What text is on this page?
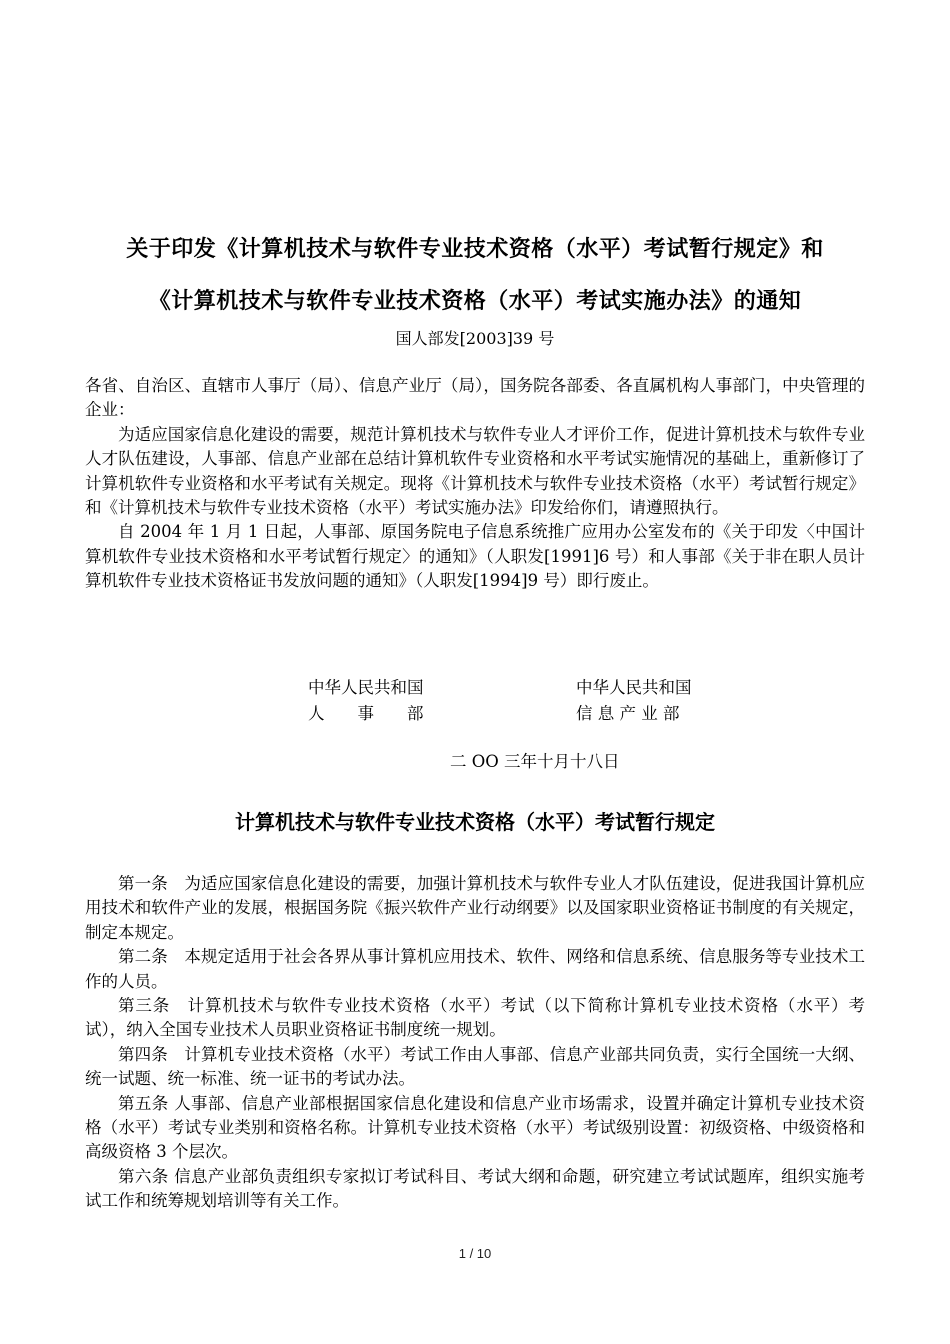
关于印发《计算机技术与软件专业技术资格（水平）考试暂行规定》和
《计算机技术与软件专业技术资格（水平）考试实施办法》的通知
国人部发[2003]39 号

各省、自治区、直辖市人事厅（局）、信息产业厅（局），国务院各部委、各直属机构人事部门，中央管理的企业：

为适应国家信息化建设的需要，规范计算机技术与软件专业人才评价工作，促进计算机技术与软件专业人才队伍建设，人事部、信息产业部在总结计算机软件专业资格和水平考试实施情况的基础上，重新修订了计算机软件专业资格和水平考试有关规定。现将《计算机技术与软件专业技术资格（水平）考试暂行规定》和《计算机技术与软件专业技术资格（水平）考试实施办法》印发给你们，请遵照执行。

自 2004 年 1 月 1 日起，人事部、原国务院电子信息系统推广应用办公室发布的《关于印发〈中国计算机软件专业技术资格和水平考试暂行规定〉的通知》（人职发[1991]6 号）和人事部《关于非在职人员计算机软件专业技术资格证书发放问题的通知》（人职发[1994]9 号）即行废止。

中华人民共和国
人　　事　　部
中华人民共和国
信 息 产 业 部
二 OO 三年十月十八日
计算机技术与软件专业技术资格（水平）考试暂行规定

第一条　为适应国家信息化建设的需要，加强计算机技术与软件专业人才队伍建设，促进我国计算机应用技术和软件产业的发展，根据国务院《振兴软件产业行动纲要》以及国家职业资格证书制度的有关规定，制定本规定。

第二条　本规定适用于社会各界从事计算机应用技术、软件、网络和信息系统、信息服务等专业技术工作的人员。

第三条　计算机技术与软件专业技术资格（水平）考试（以下简称计算机专业技术资格（水平）考试），纳入全国专业技术人员职业资格证书制度统一规划。

第四条　计算机专业技术资格（水平）考试工作由人事部、信息产业部共同负责，实行全国统一大纲、统一试题、统一标准、统一证书的考试办法。

第五条 人事部、信息产业部根据国家信息化建设和信息产业市场需求，设置并确定计算机专业技术资格（水平）考试专业类别和资格名称。计算机专业技术资格（水平）考试级别设置：初级资格、中级资格和高级资格 3 个层次。

第六条 信息产业部负责组织专家拟订考试科目、考试大纲和命题，研究建立考试试题库，组织实施考试工作和统筹规划培训等有关工作。

1 / 10
